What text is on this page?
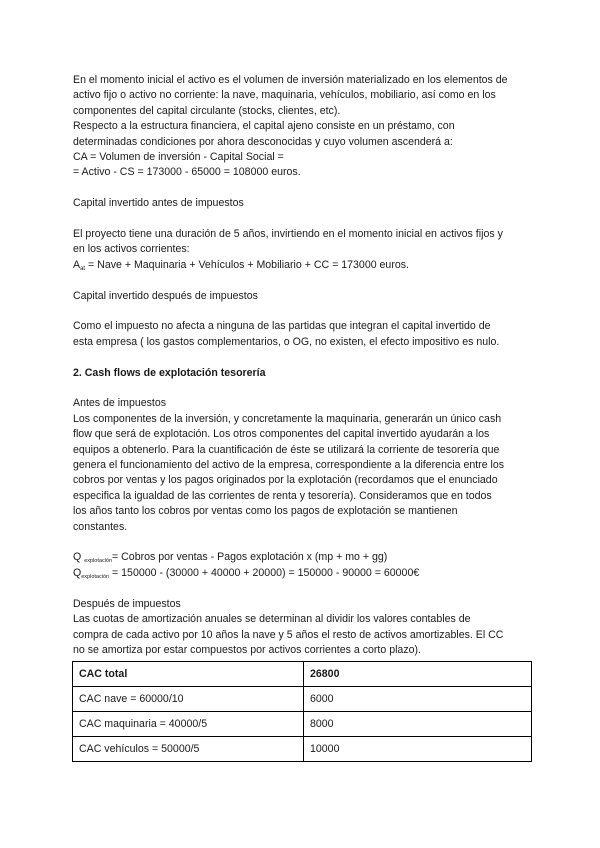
En el momento inicial el activo es el volumen de inversión materializado en los elementos de
activo fijo o activo no corriente: la nave, maquinaria, vehículos, mobiliario, así como en los
componentes del capital circulante (stocks, clientes, etc).
Respecto a la estructura financiera, el capital ajeno consiste en un préstamo, con
determinadas condiciones por ahora desconocidas y cuyo volumen ascenderá a:
CA = Volumen de inversión - Capital Social =
= Activo - CS = 173000 - 65000 = 108000 euros.
Capital invertido antes de impuestos
El proyecto tiene una duración de 5 años, invirtiendo en el momento inicial en activos fijos y
en los activos corrientes:
$A_{at}$ = Nave + Maquinaria + Vehículos + Mobiliario + CC = 173000 euros.
Capital invertido después de impuestos
Como el impuesto no afecta a ninguna de las partidas que integran el capital invertido de
esta empresa ( los gastos complementarios, o OG, no existen, el efecto impositivo es nulo.
2. Cash flows de explotación tesorería
Antes de impuestos
Los componentes de la inversión, y concretamente la maquinaria, generarán un único cash
flow que será de explotación. Los otros componentes del capital invertido ayudarán a los
equipos a obtenerlo. Para la cuantificación de éste se utilizará la corriente de tesorería que
genera el funcionamiento del activo de la empresa, correspondiente a la diferencia entre los
cobros por ventas y los pagos originados por la explotación (recordamos que el enunciado
especifica la igualdad de las corrientes de renta y tesorería). Consideramos que en todos
los años tanto los cobros por ventas como los pagos de explotación se mantienen
constantes.
Q explotación= Cobros por ventas - Pagos explotación x (mp + mo + gg)
Qexplotación = 150000 - (30000 + 40000 + 20000) = 150000 - 90000 = 60000€
Después de impuestos
Las cuotas de amortización anuales se determinan al dividir los valores contables de
compra de cada activo por 10 años la nave y 5 años el resto de activos amortizables. El CC
no se amortiza por estar compuestos por activos corrientes a corto plazo).
CAC total	26800
CAC nave = 60000/10	6000
CAC maquinaria = 40000/5	8000
CAC vehículos = 50000/5	10000
